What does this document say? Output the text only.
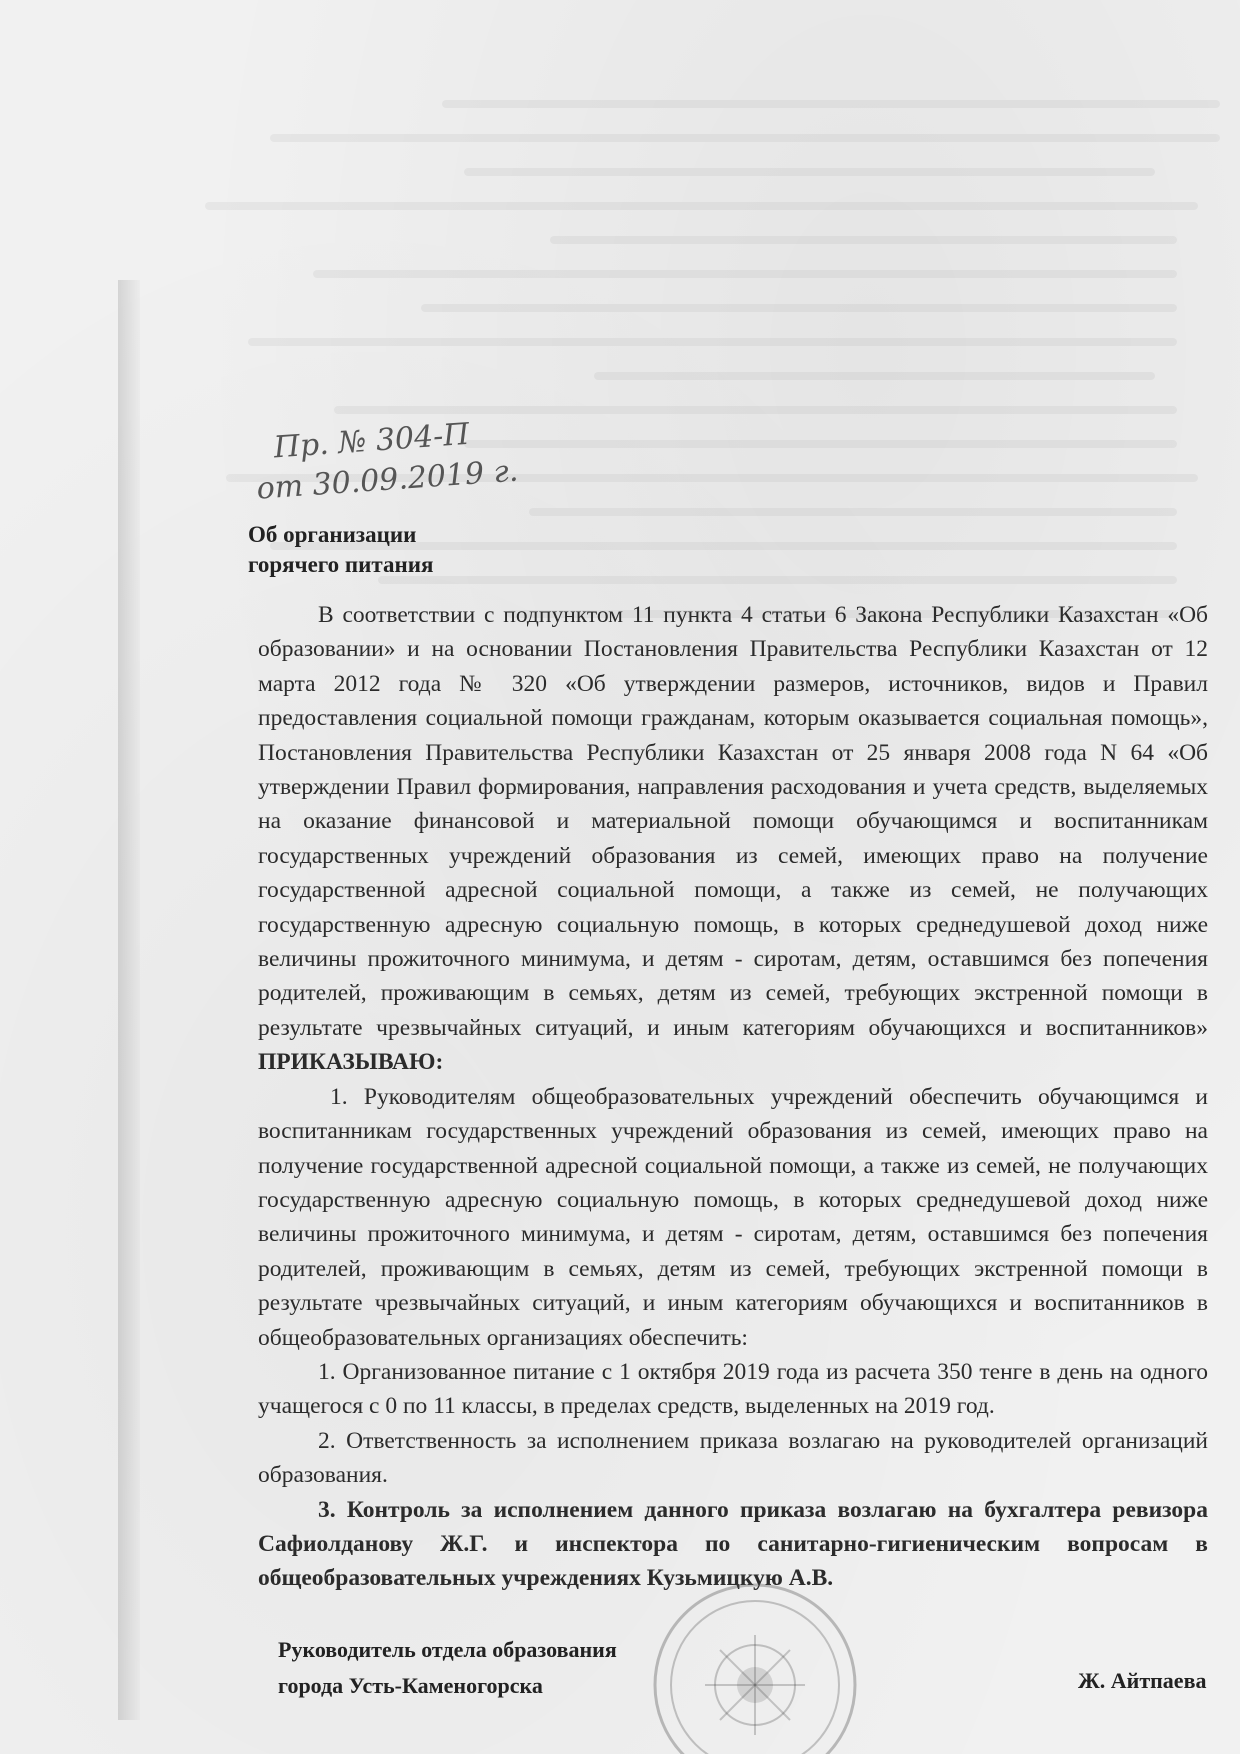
Пр. № 304-П
от 30.09.2019 г.
Об организации
горячего питания

В соответствии с подпунктом 11 пункта 4 статьи 6 Закона Республики Казахстан «Об образовании» и на основании Постановления Правительства Республики Казахстан от 12 марта 2012 года № 320 «Об утверждении размеров, источников, видов и Правил предоставления социальной помощи гражданам, которым оказывается социальная помощь», Постановления Правительства Республики Казахстан от 25 января 2008 года N 64 «Об утверждении Правил формирования, направления расходования и учета средств, выделяемых на оказание финансовой и материальной помощи обучающимся и воспитанникам государственных учреждений образования из семей, имеющих право на получение государственной адресной социальной помощи, а также из семей, не получающих государственную адресную социальную помощь, в которых среднедушевой доход ниже величины прожиточного минимума, и детям - сиротам, детям, оставшимся без попечения родителей, проживающим в семьях, детям из семей, требующих экстренной помощи в результате чрезвычайных ситуаций, и иным категориям обучающихся и воспитанников» ПРИКАЗЫВАЮ:

1. Руководителям общеобразовательных учреждений обеспечить обучающимся и воспитанникам государственных учреждений образования из семей, имеющих право на получение государственной адресной социальной помощи, а также из семей, не получающих государственную адресную социальную помощь, в которых среднедушевой доход ниже величины прожиточного минимума, и детям - сиротам, детям, оставшимся без попечения родителей, проживающим в семьях, детям из семей, требующих экстренной помощи в результате чрезвычайных ситуаций, и иным категориям обучающихся и воспитанников в общеобразовательных организациях обеспечить:

1. Организованное питание с 1 октября 2019 года из расчета 350 тенге в день на одного учащегося с 0 по 11 классы, в пределах средств, выделенных на 2019 год.

2. Ответственность за исполнением приказа возлагаю на руководителей организаций образования.

3. Контроль за исполнением данного приказа возлагаю на бухгалтера ревизора Сафиолданову Ж.Г. и инспектора по санитарно-гигиеническим вопросам в общеобразовательных учреждениях Кузьмицкую А.В.

Руководитель отдела образования
города Усть-Каменогорска	Ж. Айтпаева
